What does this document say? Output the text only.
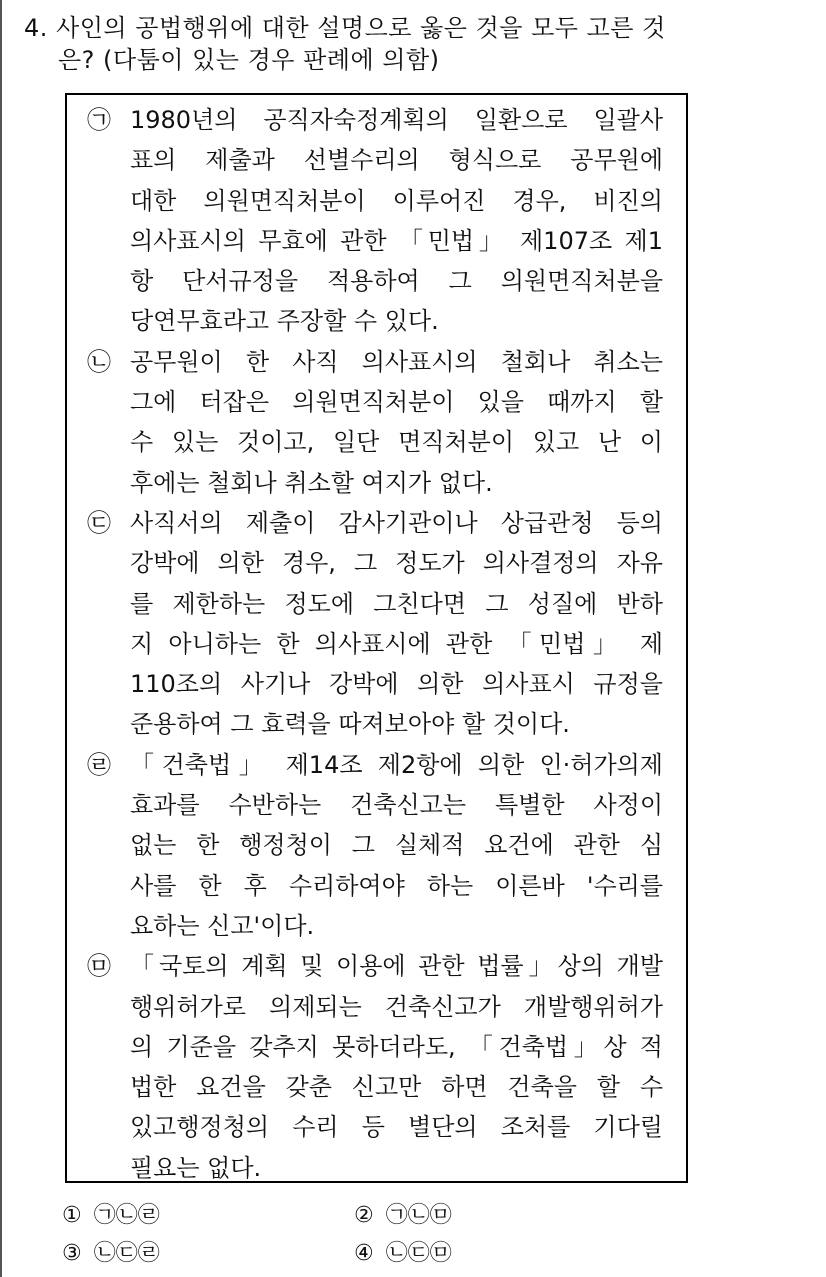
4. 사인의 공법행위에 대한 설명으로 옳은 것을 모두 고른 것
은? (다툼이 있는 경우 판례에 의함)
㉠ 1980년의 공직자숙정계획의 일환으로 일괄사
표의 제출과 선별수리의 형식으로 공무원에
대한 의원면직처분이 이루어진 경우, 비진의
의사표시의 무효에 관한 「민법」 제107조 제1
항 단서규정을 적용하여 그 의원면직처분을
당연무효라고 주장할 수 있다.
㉡ 공무원이 한 사직 의사표시의 철회나 취소는
그에 터잡은 의원면직처분이 있을 때까지 할
수 있는 것이고, 일단 면직처분이 있고 난 이
후에는 철회나 취소할 여지가 없다.
㉢ 사직서의 제출이 감사기관이나 상급관청 등의
강박에 의한 경우, 그 정도가 의사결정의 자유
를 제한하는 정도에 그친다면 그 성질에 반하
지 아니하는 한 의사표시에 관한 「민법」 제
110조의 사기나 강박에 의한 의사표시 규정을
준용하여 그 효력을 따져보아야 할 것이다.
㉣ 「건축법」 제14조 제2항에 의한 인·허가의제
효과를 수반하는 건축신고는 특별한 사정이
없는 한 행정청이 그 실체적 요건에 관한 심
사를 한 후 수리하여야 하는 이른바 '수리를
요하는 신고'이다.
㉤ 「국토의 계획 및 이용에 관한 법률」상의 개발
행위허가로 의제되는 건축신고가 개발행위허가
의 기준을 갖추지 못하더라도, 「건축법」상 적
법한 요건을 갖춘 신고만 하면 건축을 할 수
있고행정청의 수리 등 별단의 조처를 기다릴
필요는 없다.
① ㉠㉡㉣	② ㉠㉡㉤
③ ㉡㉢㉣	④ ㉡㉢㉤
